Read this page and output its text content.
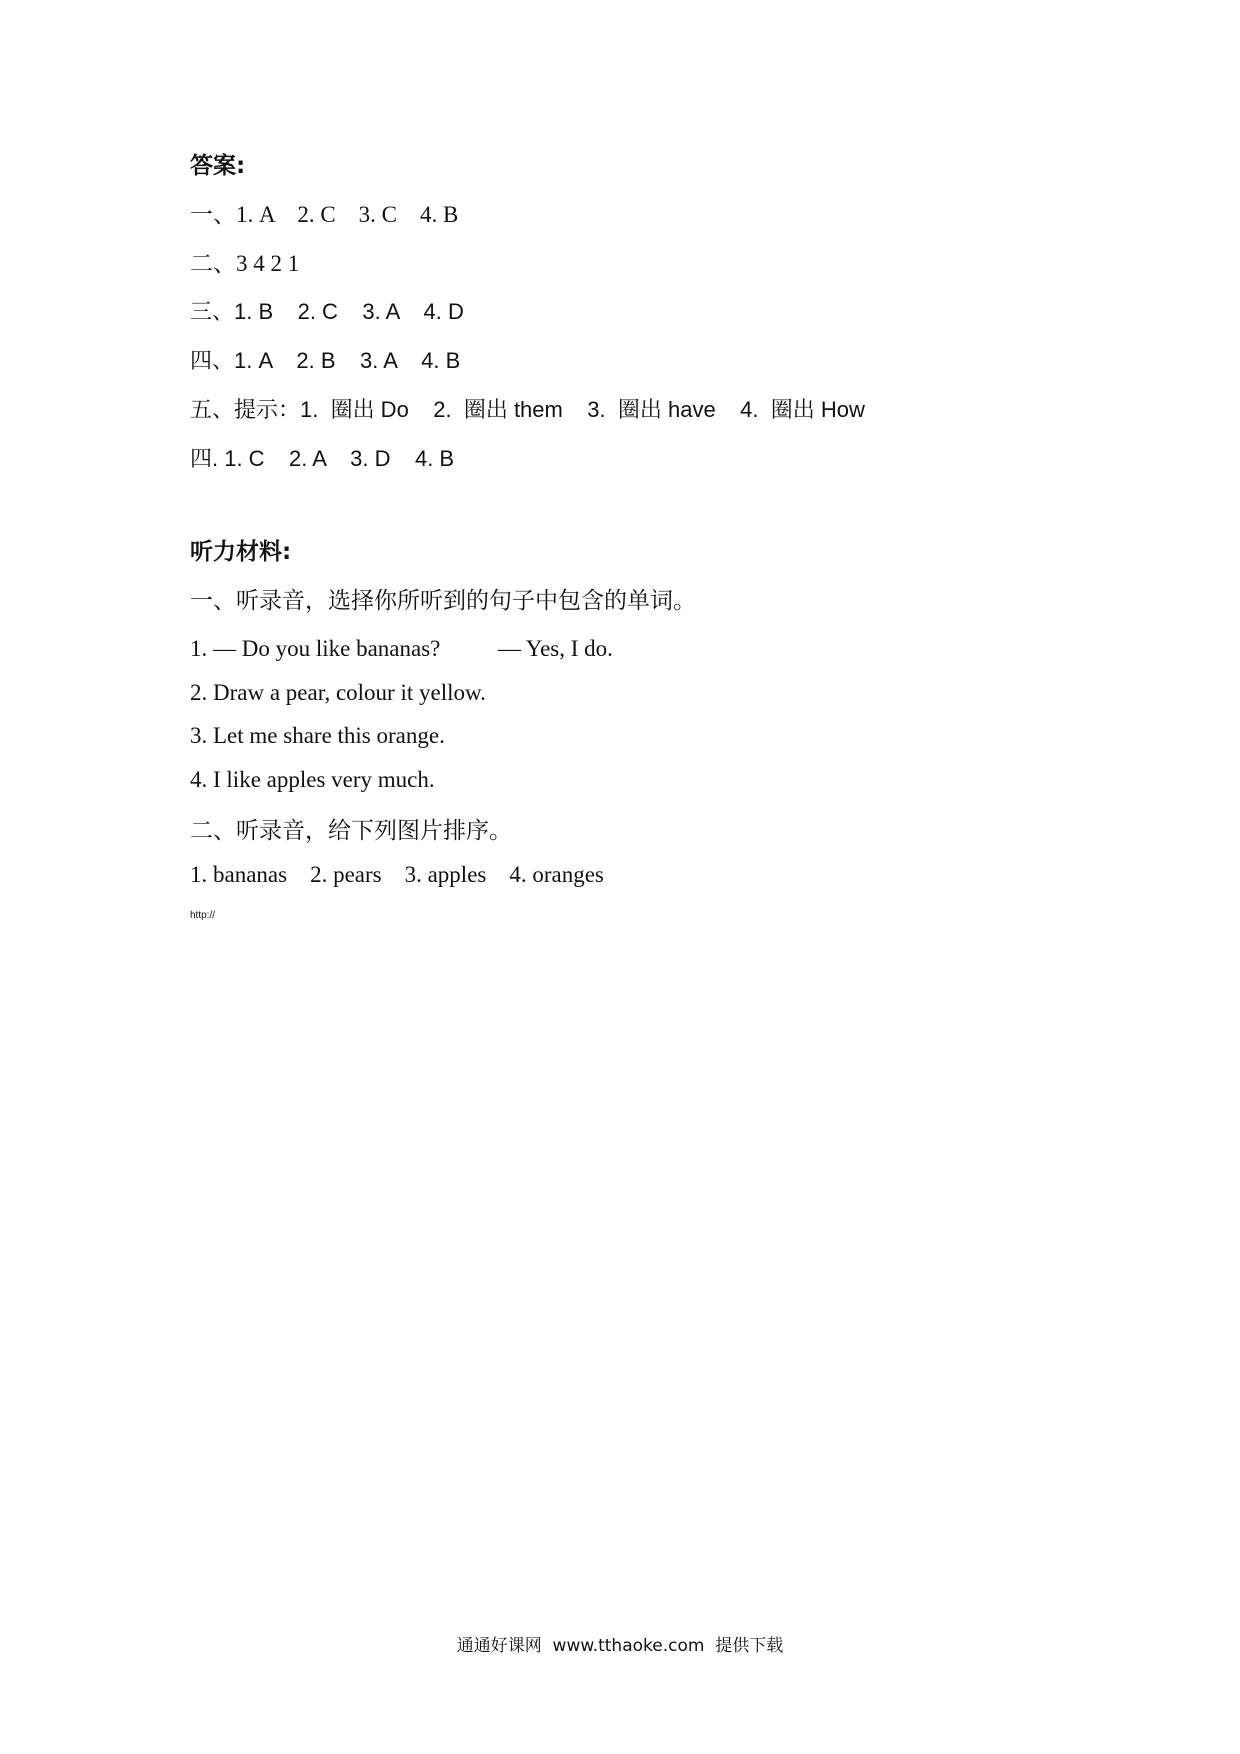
答案:
一、1. A    2. C    3. C    4. B
二、3 4 2 1
三、1. B    2. C    3. A    4. D
四、1. A    2. B    3. A    4. B
五、提示：1.  圈出 Do    2.  圈出 them    3.  圈出 have    4.  圈出 How
四. 1. C    2. A    3. D    4. B
听力材料:
一、听录音，选择你所听到的句子中包含的单词。
1. — Do you like bananas?          — Yes, I do.
2. Draw a pear, colour it yellow.
3. Let me share this orange.
4. I like apples very much.
二、听录音，给下列图片排序。
1. bananas    2. pears    3. apples    4. oranges
http://
通通好课网  www.tthaoke.com  提供下载
